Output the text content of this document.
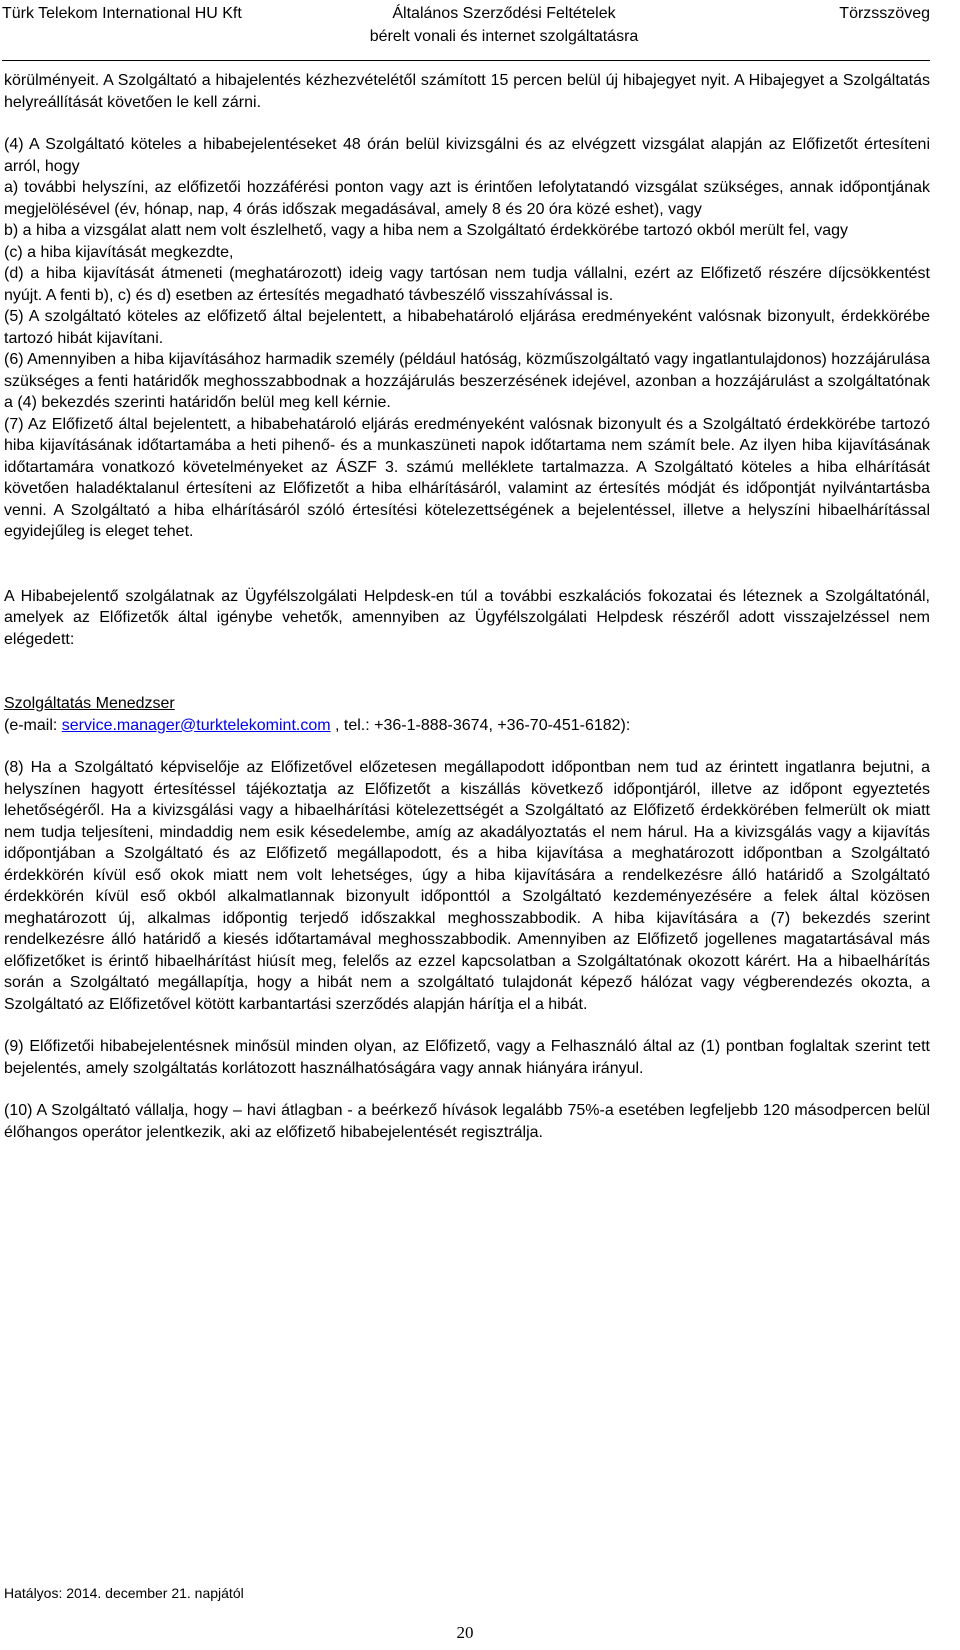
Türk Telekom International HU Kft	Általános Szerződési Feltételek	Törzsszöveg
bérelt vonali és internet szolgáltatásra

körülményeit. A Szolgáltató a hibajelentés kézhezvételétől számított 15 percen belül új hibajegyet nyit. A Hibajegyet a Szolgáltatás helyreállítását követően le kell zárni.

(4) A Szolgáltató köteles a hibabejelentéseket 48 órán belül kivizsgálni és az elvégzett vizsgálat alapján az Előfizetőt értesíteni arról, hogy

a) további helyszíni, az előfizetői hozzáférési ponton vagy azt is érintően lefolytatandó vizsgálat szükséges, annak időpontjának megjelölésével (év, hónap, nap, 4 órás időszak megadásával, amely 8 és 20 óra közé eshet), vagy

b) a hiba a vizsgálat alatt nem volt észlelhető, vagy a hiba nem a Szolgáltató érdekkörébe tartozó okból merült fel, vagy

(c) a hiba kijavítását megkezdte,

(d) a hiba kijavítását átmeneti (meghatározott) ideig vagy tartósan nem tudja vállalni, ezért az Előfizető részére díjcsökkentést nyújt. A fenti b), c) és d) esetben az értesítés megadható távbeszélő visszahívással is.

(5) A szolgáltató köteles az előfizető által bejelentett, a hibabehatároló eljárása eredményeként valósnak bizonyult, érdekkörébe tartozó hibát kijavítani.

(6) Amennyiben a hiba kijavításához harmadik személy (például hatóság, közműszolgáltató vagy ingatlantulajdonos) hozzájárulása szükséges a fenti határidők meghosszabbodnak a hozzájárulás beszerzésének idejével, azonban a hozzájárulást a szolgáltatónak a (4) bekezdés szerinti határidőn belül meg kell kérnie.

(7) Az Előfizető által bejelentett, a hibabehatároló eljárás eredményeként valósnak bizonyult és a Szolgáltató érdekkörébe tartozó hiba kijavításának időtartamába a heti pihenő- és a munkaszüneti napok időtartama nem számít bele. Az ilyen hiba kijavításának időtartamára vonatkozó követelményeket az ÁSZF 3. számú melléklete tartalmazza. A Szolgáltató köteles a hiba elhárítását követően haladéktalanul értesíteni az Előfizetőt a hiba elhárításáról, valamint az értesítés módját és időpontját nyilvántartásba venni. A Szolgáltató a hiba elhárításáról szóló értesítési kötelezettségének a bejelentéssel, illetve a helyszíni hibaelhárítással egyidejűleg is eleget tehet.

A Hibabejelentő szolgálatnak az Ügyfélszolgálati Helpdesk-en túl a további eszkalációs fokozatai és léteznek a Szolgáltatónál, amelyek az Előfizetők által igénybe vehetők, amennyiben az Ügyfélszolgálati Helpdesk részéről adott visszajelzéssel nem elégedett:

Szolgáltatás Menedzser

(e-mail: service.manager@turktelekomint.com , tel.: +36-1-888-3674, +36-70-451-6182):

(8) Ha a Szolgáltató képviselője az Előfizetővel előzetesen megállapodott időpontban nem tud az érintett ingatlanra bejutni, a helyszínen hagyott értesítéssel tájékoztatja az Előfizetőt a kiszállás következő időpontjáról, illetve az időpont egyeztetés lehetőségéről. Ha a kivizsgálási vagy a hibaelhárítási kötelezettségét a Szolgáltató az Előfizető érdekkörében felmerült ok miatt nem tudja teljesíteni, mindaddig nem esik késedelembe, amíg az akadályoztatás el nem hárul. Ha a kivizsgálás vagy a kijavítás időpontjában a Szolgáltató és az Előfizető megállapodott, és a hiba kijavítása a meghatározott időpontban a Szolgáltató érdekkörén kívül eső okok miatt nem volt lehetséges, úgy a hiba kijavítására a rendelkezésre álló határidő a Szolgáltató érdekkörén kívül eső okból alkalmatlannak bizonyult időponttól a Szolgáltató kezdeményezésére a felek által közösen meghatározott új, alkalmas időpontig terjedő időszakkal meghosszabbodik. A hiba kijavítására a (7) bekezdés szerint rendelkezésre álló határidő a kiesés időtartamával meghosszabbodik. Amennyiben az Előfizető jogellenes magatartásával más előfizetőket is érintő hibaelhárítást hiúsít meg, felelős az ezzel kapcsolatban a Szolgáltatónak okozott kárért. Ha a hibaelhárítás során a Szolgáltató megállapítja, hogy a hibát nem a szolgáltató tulajdonát képező hálózat vagy végberendezés okozta, a Szolgáltató az Előfizetővel kötött karbantartási szerződés alapján hárítja el a hibát.

(9) Előfizetői hibabejelentésnek minősül minden olyan, az Előfizető, vagy a Felhasználó által az (1) pontban foglaltak szerint tett bejelentés, amely szolgáltatás korlátozott használhatóságára vagy annak hiányára irányul.

(10) A Szolgáltató vállalja, hogy – havi átlagban - a beérkező hívások legalább 75%-a esetében legfeljebb 120 másodpercen belül élőhangos operátor jelentkezik, aki az előfizető hibabejelentését regisztrálja.

Hatályos: 2014. december 21. napjától
20
